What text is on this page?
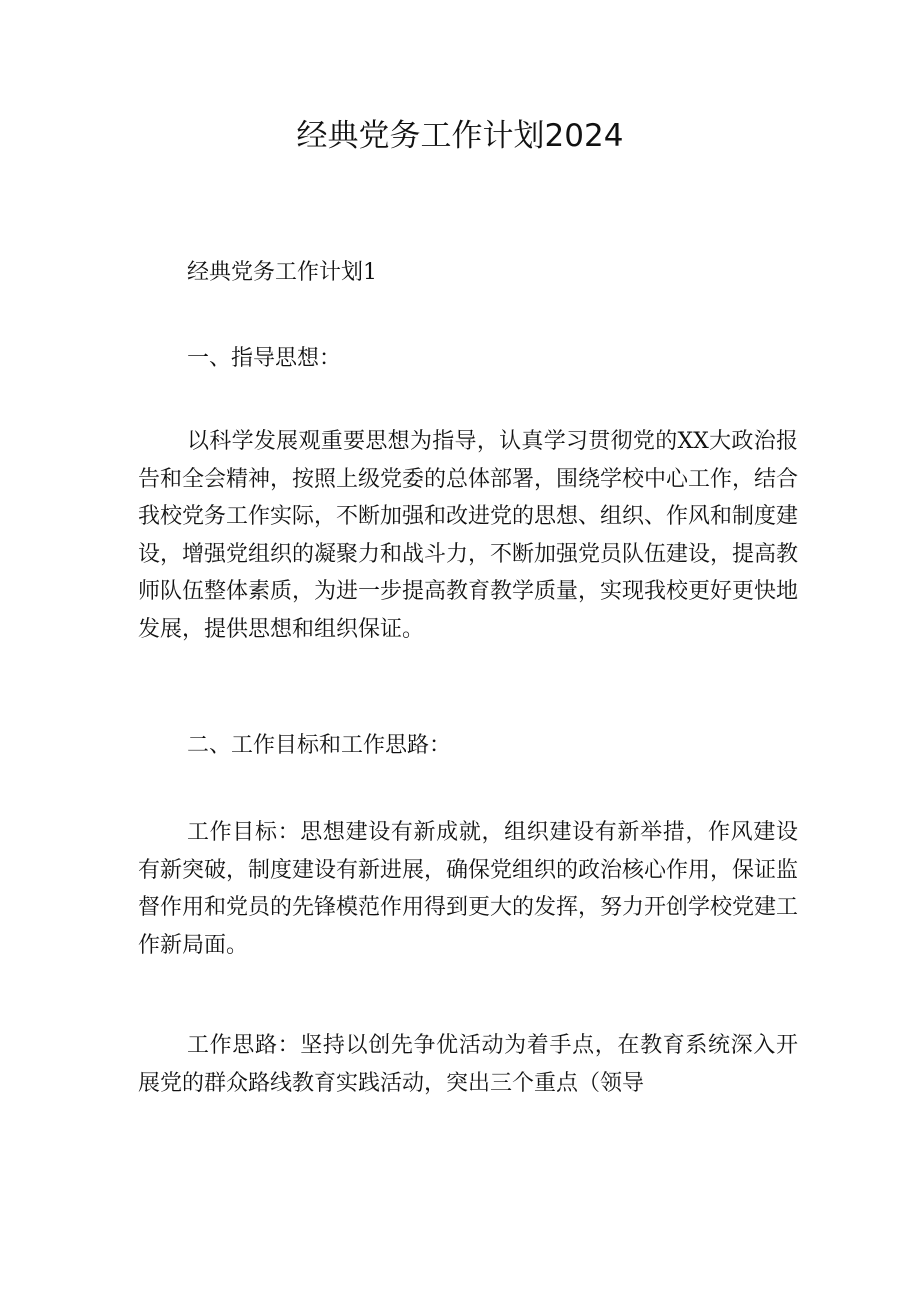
经典党务工作计划2024

经典党务工作计划1

一、指导思想：

以科学发展观重要思想为指导，认真学习贯彻党的XX大政治报告和全会精神，按照上级党委的总体部署，围绕学校中心工作，结合我校党务工作实际，不断加强和改进党的思想、组织、作风和制度建设，增强党组织的凝聚力和战斗力，不断加强党员队伍建设，提高教师队伍整体素质，为进一步提高教育教学质量，实现我校更好更快地发展，提供思想和组织保证。

二、工作目标和工作思路：

工作目标：思想建设有新成就，组织建设有新举措，作风建设有新突破，制度建设有新进展，确保党组织的政治核心作用，保证监督作用和党员的先锋模范作用得到更大的发挥，努力开创学校党建工作新局面。

工作思路：坚持以创先争优活动为着手点，在教育系统深入开展党的群众路线教育实践活动，突出三个重点（领导
